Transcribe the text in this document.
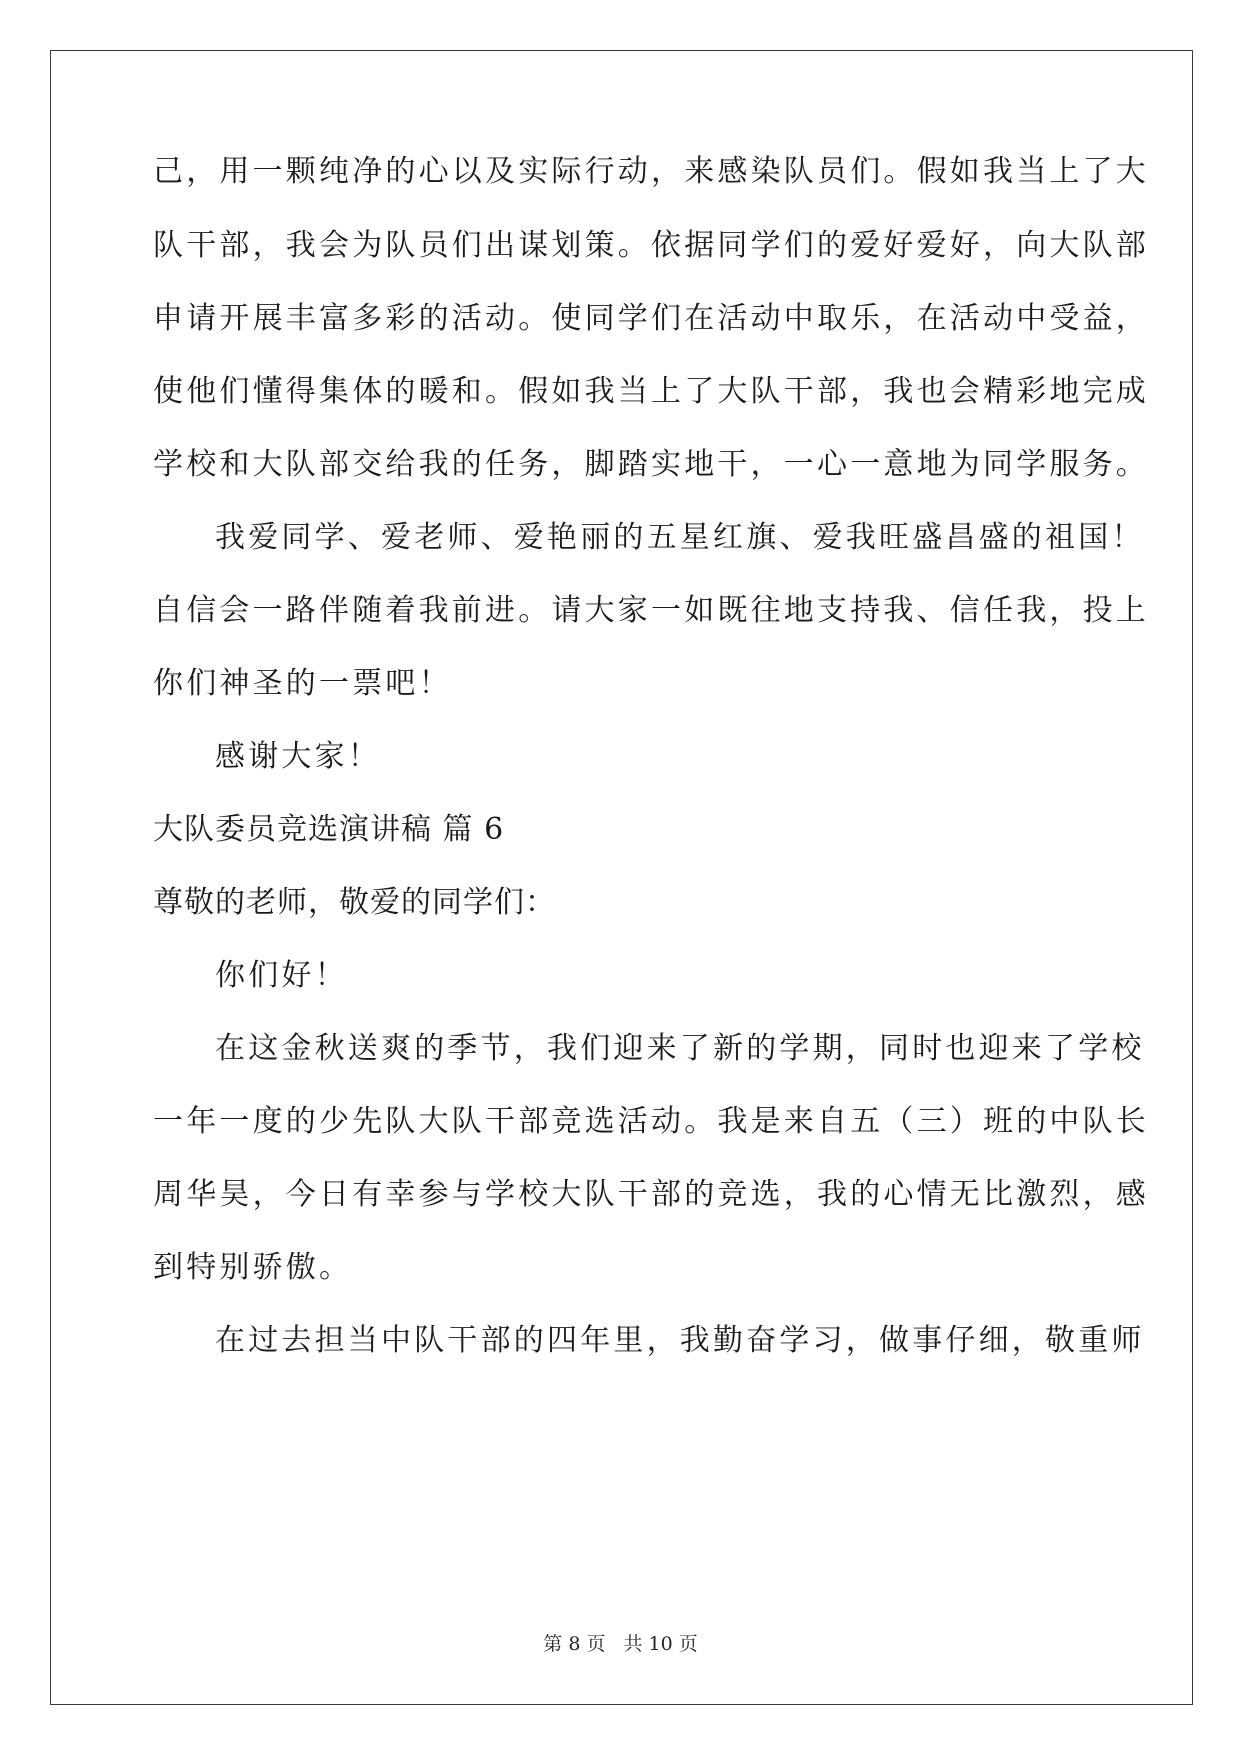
己，用一颗纯净的心以及实际行动，来感染队员们。假如我当上了大
队干部，我会为队员们出谋划策。依据同学们的爱好爱好，向大队部
申请开展丰富多彩的活动。使同学们在活动中取乐，在活动中受益，
使他们懂得集体的暖和。假如我当上了大队干部，我也会精彩地完成
学校和大队部交给我的任务，脚踏实地干，一心一意地为同学服务。
我爱同学、爱老师、爱艳丽的五星红旗、爱我旺盛昌盛的祖国！
自信会一路伴随着我前进。请大家一如既往地支持我、信任我，投上
你们神圣的一票吧！
感谢大家！
大队委员竞选演讲稿 篇 6
尊敬的老师，敬爱的同学们：
你们好！
在这金秋送爽的季节，我们迎来了新的学期，同时也迎来了学校
一年一度的少先队大队干部竞选活动。我是来自五（三）班的中队长
周华昊，今日有幸参与学校大队干部的竞选，我的心情无比激烈，感
到特别骄傲。
在过去担当中队干部的四年里，我勤奋学习，做事仔细，敬重师
第 8 页 共 10 页
